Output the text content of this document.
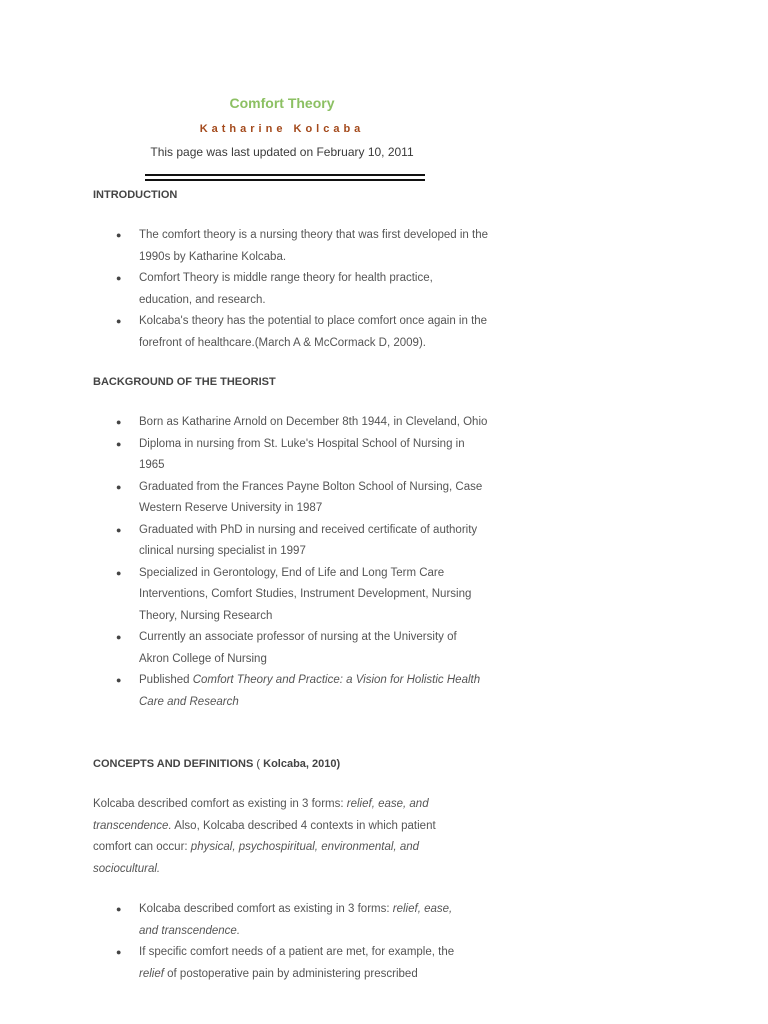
Comfort Theory
Katharine Kolcaba
This page was last updated on February 10, 2011
INTRODUCTION
● The comfort theory is a nursing theory that was first developed in the 1990s by Katharine Kolcaba.
● Comfort Theory is middle range theory for health practice, education, and research.
● Kolcaba's theory has the potential to place comfort once again in the forefront of healthcare.(March A & McCormack D, 2009).
BACKGROUND OF THE THEORIST
● Born as Katharine Arnold on December 8th 1944, in Cleveland, Ohio
● Diploma in nursing from St. Luke's Hospital School of Nursing in 1965
● Graduated from the Frances Payne Bolton School of Nursing, Case Western Reserve University in 1987
● Graduated with PhD in nursing and received certificate of authority clinical nursing specialist in 1997
● Specialized in Gerontology, End of Life and Long Term Care Interventions, Comfort Studies, Instrument Development, Nursing Theory, Nursing Research
● Currently an associate professor of nursing at the University of Akron College of Nursing
● Published Comfort Theory and Practice: a Vision for Holistic Health Care and Research
CONCEPTS AND DEFINITIONS ( Kolcaba, 2010)

Kolcaba described comfort as existing in 3 forms: relief, ease, and transcendence. Also, Kolcaba described 4 contexts in which patient comfort can occur: physical, psychospiritual, environmental, and sociocultural.

● Kolcaba described comfort as existing in 3 forms: relief, ease, and transcendence.
● If specific comfort needs of a patient are met, for example, the relief of postoperative pain by administering prescribed
